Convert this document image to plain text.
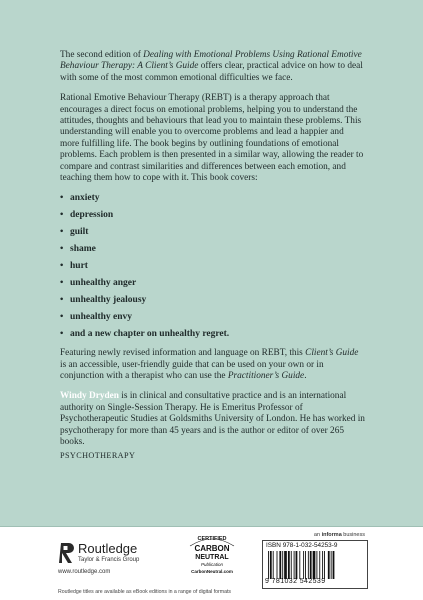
The second edition of Dealing with Emotional Problems Using Rational Emotive Behaviour Therapy: A Client’s Guide offers clear, practical advice on how to deal with some of the most common emotional difficulties we face.

Rational Emotive Behaviour Therapy (REBT) is a therapy approach that encourages a direct focus on emotional problems, helping you to understand the attitudes, thoughts and behaviours that lead you to maintain these problems. This understanding will enable you to overcome problems and lead a happier and more fulfilling life. The book begins by outlining foundations of emotional problems. Each problem is then presented in a similar way, allowing the reader to compare and contrast similarities and differences between each emotion, and teaching them how to cope with it. This book covers:

• anxiety
• depression
• guilt
• shame
• hurt
• unhealthy anger
• unhealthy jealousy
• unhealthy envy
• and a new chapter on unhealthy regret.

Featuring newly revised information and language on REBT, this Client’s Guide is an accessible, user-friendly guide that can be used on your own or in conjunction with a therapist who can use the Practitioner’s Guide.

Windy Dryden is in clinical and consultative practice and is an international authority on Single-Session Therapy. He is Emeritus Professor of Psychotherapeutic Studies at Goldsmiths University of London. He has worked in psychotherapy for more than 45 years and is the author or editor of over 265 books.

PSYCHOTHERAPY
Routledge
Taylor & Francis Group
www.routledge.com
CERTIFIED
CARBON
NEUTRAL
Publication
CarbonNeutral.com
an informa business
ISBN 978-1-032-54253-9
9 781032 542539
Routledge titles are available as eBook editions in a range of digital formats
